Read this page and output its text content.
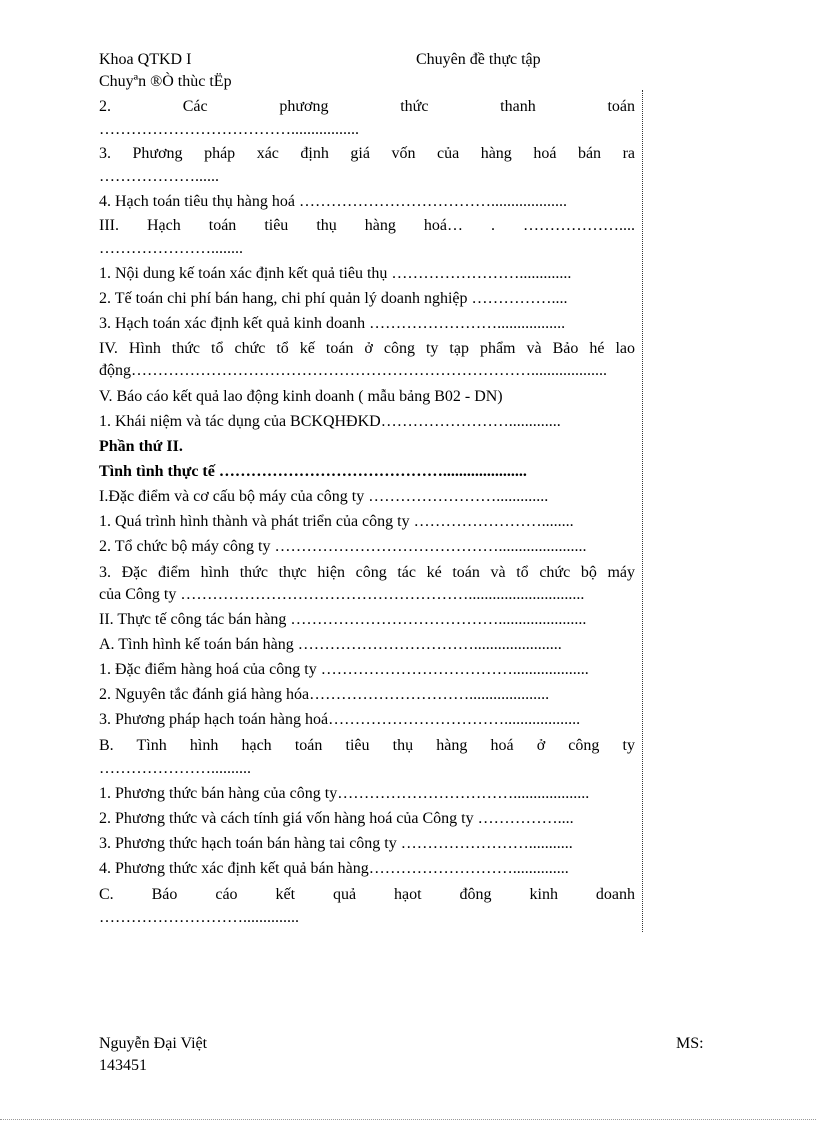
Khoa QTKD I	Chuyên đề thực tập
Chuyªn ®Ò thùc tËp
2. Các phương thức thanh toán
……………………………….................
3. Phương pháp xác định giá vốn của hàng hoá bán ra
………………......
4. Hạch toán tiêu thụ hàng hoá ………………………………...................
III. Hạch toán tiêu thụ hàng hoá… . ………………....
…………………........
1. Nội dung kế toán xác định kết quả tiêu thụ …………………….............
2. Tế toán chi phí bán hang, chi phí quản lý doanh nghiệp ……………....
3. Hạch toán xác định kết quả kinh doanh …………………….................
IV. Hình thức tổ chức tổ kế toán ở công ty tạp phẩm và Bảo hé lao
động…………………………………………………………………...................
V. Báo cáo kết quả lao động kinh doanh ( mẫu bảng B02 - DN)
1. Khái niệm và tác dụng của BCKQHĐKD…………………….............
Phần thứ II.
Tình tình thực tế …………………………………….....................
I.Đặc điểm và cơ cấu bộ máy của công ty …………………….............
1. Quá trình hình thành và phát triển của công ty ……………………........
2. Tổ chức bộ máy công ty ……………………………………......................
3. Đặc điểm hình thức thực hiện công tác ké toán và tổ chức bộ máy
của Công ty ……………………………………………….............................
II. Thực tế công tác bán hàng …………………………………......................
A. Tình hình kế toán bán hàng ……………………………......................
1. Đặc điểm hàng hoá của công ty ………………………………...................
2. Nguyên tắc đánh giá hàng hóa…………………………....................
3. Phương pháp hạch toán hàng hoá……………………………...................
B. Tình hình hạch toán tiêu thụ hàng hoá ở công ty
…………………..........
1. Phương thức bán hàng của công ty……………………………...................
2. Phương thức và cách tính giá vốn hàng hoá của Công ty ……………....
3. Phương thức hạch toán bán hàng tai công ty ……………………...........
4. Phương thức xác định kết quả bán hàng………………………..............
C. Báo cáo kết quả hạot đông kinh doanh
………………………..............
Nguyễn Đại Việt	MS:
143451
